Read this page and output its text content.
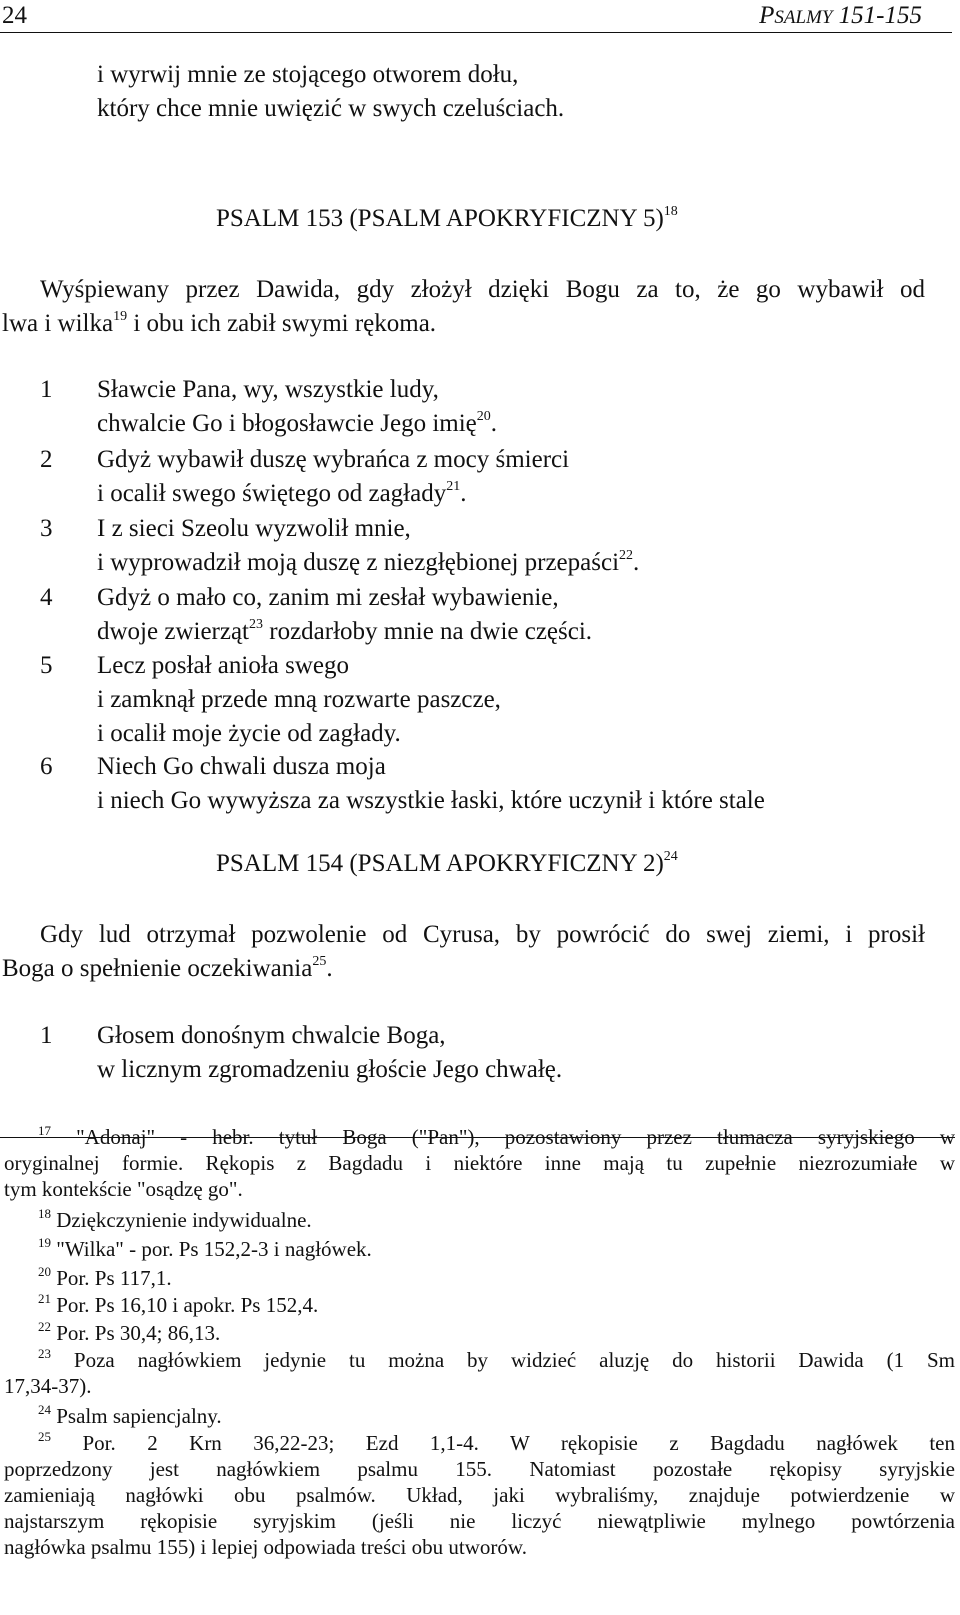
24	PSALMY 151-155
i wyrwij mnie ze stojącego otworem dołu,
który chce mnie uwięzić w swych czeluściach.
PSALM 153 (PSALM APOKRYFICZNY 5)$^{18}$
Wyśpiewany przez Dawida, gdy złożył dzięki Bogu za to, że go wybawił od
lwa i wilka$^{19}$ i obu ich zabił swymi rękoma.
1 Sławcie Pana, wy, wszystkie ludy,
chwalcie Go i błogosławcie Jego imię$^{20}$.
2 Gdyż wybawił duszę wybrańca z mocy śmierci
i ocalił swego świętego od zagłady$^{21}$.
3 I z sieci Szeolu wyzwolił mnie,
i wyprowadził moją duszę z niezgłębionej przepaści$^{22}$.
4 Gdyż o mało co, zanim mi zesłał wybawienie,
dwoje zwierząt$^{23}$ rozdarłoby mnie na dwie części.
5 Lecz posłał anioła swego
i zamknął przede mną rozwarte paszcze,
i ocalił moje życie od zagłady.
6 Niech Go chwali dusza moja
i niech Go wywyższa za wszystkie łaski, które uczynił i które stale
PSALM 154 (PSALM APOKRYFICZNY 2)$^{24}$
Gdy lud otrzymał pozwolenie od Cyrusa, by powrócić do swej ziemi, i prosił
Boga o spełnienie oczekiwania$^{25}$.
1 Głosem donośnym chwalcie Boga,
w licznym zgromadzeniu głoście Jego chwałę.
$^{17}$ "Adonaj" - hebr. tytuł Boga ("Pan"), pozostawiony przez tłumacza syryjskiego w
oryginalnej formie. Rękopis z Bagdadu i niektóre inne mają tu zupełnie niezrozumiałe w
tym kontekście "osądzę go".
$^{18}$ Dziękczynienie indywidualne.
$^{19}$ "Wilka" - por. Ps 152,2-3 i nagłówek.
$^{20}$ Por. Ps 117,1.
$^{21}$ Por. Ps 16,10 i apokr. Ps 152,4.
$^{22}$ Por. Ps 30,4; 86,13.
$^{23}$ Poza nagłówkiem jedynie tu można by widzieć aluzję do historii Dawida (1 Sm
17,34-37).
$^{24}$ Psalm sapiencjalny.
$^{25}$ Por. 2 Krn 36,22-23; Ezd 1,1-4. W rękopisie z Bagdadu nagłówek ten
poprzedzony jest nagłówkiem psalmu 155. Natomiast pozostałe rękopisy syryjskie
zamieniają nagłówki obu psalmów. Układ, jaki wybraliśmy, znajduje potwierdzenie w
najstarszym rękopisie syryjskim (jeśli nie liczyć niewątpliwie mylnego powtórzenia
nagłówka psalmu 155) i lepiej odpowiada treści obu utworów.
